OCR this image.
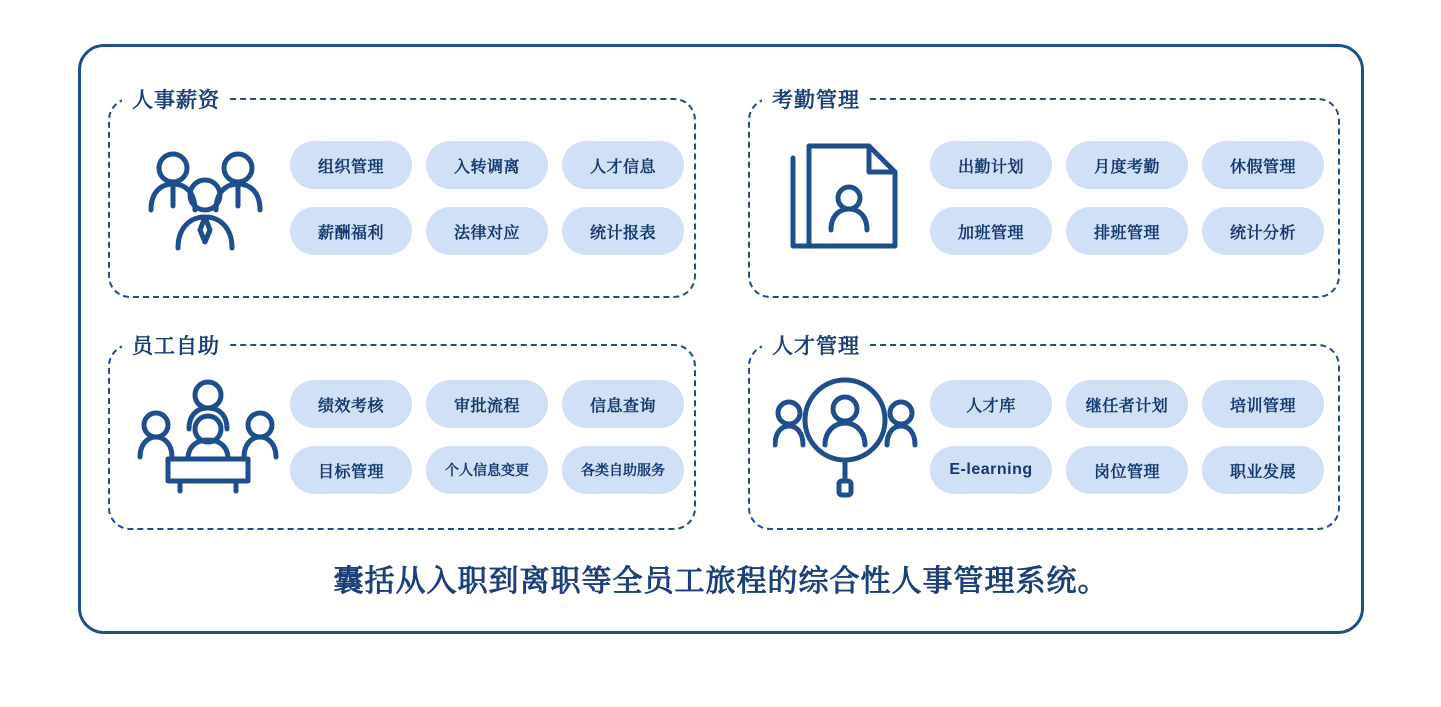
人事薪资
组织管理	入转调离	人才信息
薪酬福利	法律对应	统计报表
考勤管理
出勤计划	月度考勤	休假管理
加班管理	排班管理	统计分析
员工自助
绩效考核	审批流程	信息查询
目标管理	个人信息变更	各类自助服务
人才管理
人才库	继任者计划	培训管理
E‑learning	岗位管理	职业发展
囊括从入职到离职等全员工旅程的综合性人事管理系统。
